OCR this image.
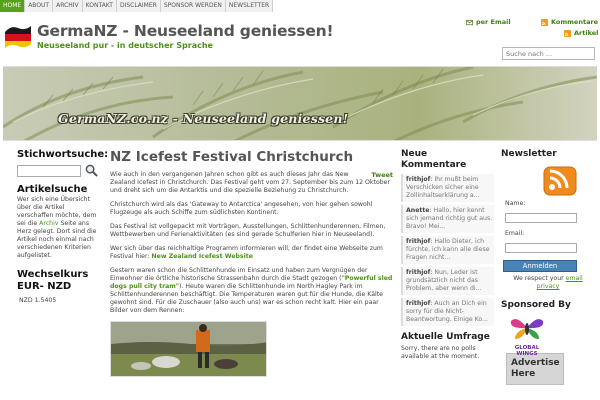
HOME	ABOUT	ARCHIV	KONTAKT	DISCLAIMER	SPONSOR WERDEN	NEWSLETTER
GermaNZ - Neuseeland geniessen!
Neuseeland pur - in deutscher Sprache
per Email	Kommentare
Artikel
Suche nach ...
GermaNZ.co.nz - Neuseeland geniessen!
Stichwortsuche:
Artikelsuche
Wer sich eine Übersicht über die Artikel verschaffen möchte, dem sei die Archiv Seite ans Herz gelegt. Dort sind die Artikel noch einmal nach verschiedenen Kriterien aufgelistet.
Wechselkurs EUR- NZD
NZD 1.5405
NZ Icefest Festival Christchurch

Tweet
Wie auch in den vergangenen Jahren schon gibt es auch dieses Jahr das New Zealand Icefest in Christchurch. Das Festival geht vom 27. September bis zum 12 Oktober und dreht sich um die Antarktis und die spezielle Beziehung zu Christchurch.

Christchurch wird als das 'Gateway to Antarctica' angesehen, von hier gehen sowohl Flugzeuge als auch Schiffe zum südlichsten Kontinent.

Das Festival ist vollgepackt mit Vorträgen, Ausstellungen, Schlittenhunderennen, Filmen, Wettbewerben und Ferienaktivitäten (es sind gerade Schulferien hier in Neuseeland).

Wer sich über das reichhaltige Programm informieren will, der findet eine Webseite zum Festival hier: New Zealand Icefest Website

Gestern waren schon die Schlittenhunde im Einsatz und haben zum Vergnügen der Einwohner die örtliche historische Strassenbahn durch die Stadt gezogen ("Powerful sled dogs pull city tram"). Heute waren die Schlittenhunde im North Hagley Park im Schlittenhunderennen beschäftigt. Die Temperaturen waren gut für die Hunde, die Kälte gewohnt sind. Für die Zuschauer (also auch uns) war es schon recht kalt. Hier ein paar Bilder von dem Rennen:

Neue Kommentare
frithjof: Ihr mußt beim Verschicken sicher eine Zollinhaltserklärung a...
Anette: Hallo, hier kennt sich jemand richtig gut aus. Bravo! Mei...
frithjof: Hallo Dieter, ich fürchte, ich kann alle diese Fragen nicht...
frithjof: Nun, Leder ist grundsätzlich nicht das Problem, aber wenn di...
frithjof: Auch an Dich ein sorry für die Nicht-Beantwortung. Einige Ko...
Aktuelle Umfrage
Sorry, there are no polls available at the moment.
Newsletter
Name:
Email:
Anmelden
We respect your email privacy
Sponsored By
GLOBAL WINGS
Advertise Here
